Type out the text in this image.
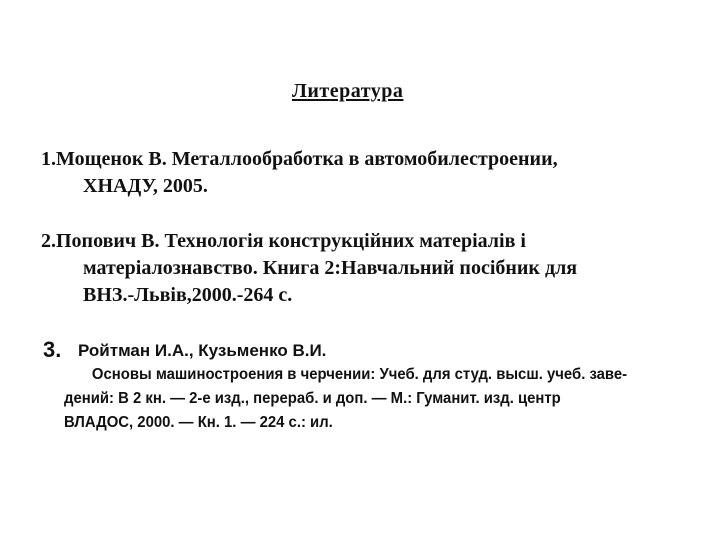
Литература
1.Мощенок В. Металлообработка в автомобилестроении,
ХНАДУ, 2005.
2.Попович В. Технологія конструкційних матеріалів і
матеріалознавство. Книга 2:Навчальний посібник для
ВНЗ.-Львів,2000.-264 с.
3. Ройтман И.А., Кузьменко В.И.
Основы машиностроения в черчении: Учеб. для студ. высш. учеб. заве-
дений: В 2 кн. — 2-е изд., перераб. и доп. — М.: Гуманит. изд. центр
ВЛАДОС, 2000. — Кн. 1. — 224 с.: ил.
